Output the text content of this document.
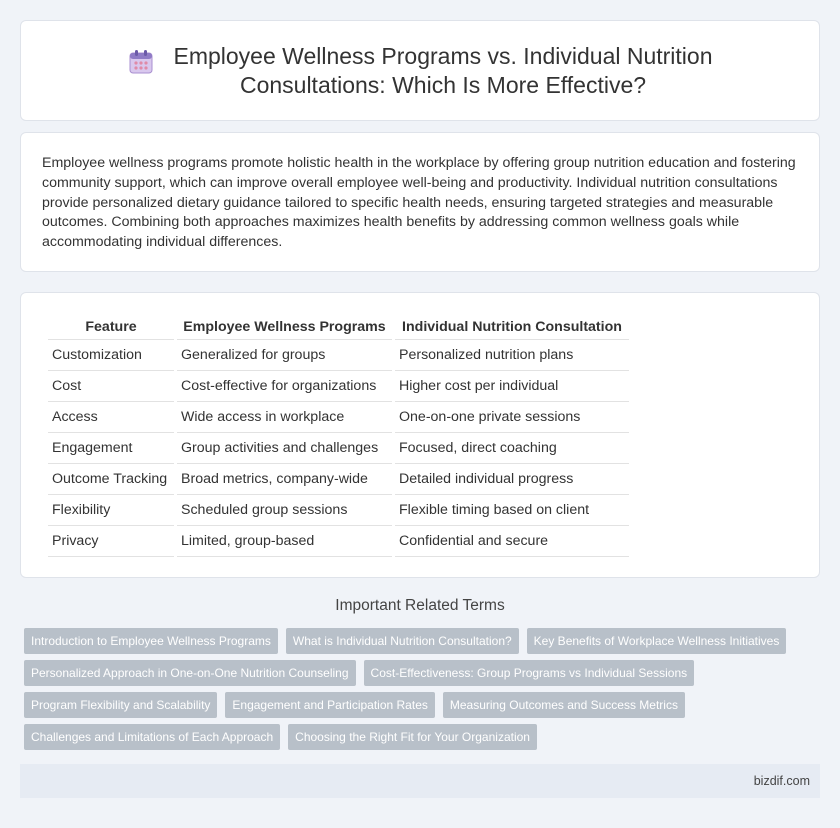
Employee Wellness Programs vs. Individual Nutrition
Consultations: Which Is More Effective?

Employee wellness programs promote holistic health in the workplace by offering group nutrition education and fostering community support, which can improve overall employee well-being and productivity. Individual nutrition consultations provide personalized dietary guidance tailored to specific health needs, ensuring targeted strategies and measurable outcomes. Combining both approaches maximizes health benefits by addressing common wellness goals while accommodating individual differences.

Feature	Employee Wellness Programs	Individual Nutrition Consultation
Customization	Generalized for groups	Personalized nutrition plans
Cost	Cost-effective for organizations	Higher cost per individual
Access	Wide access in workplace	One-on-one private sessions
Engagement	Group activities and challenges	Focused, direct coaching
Outcome Tracking	Broad metrics, company-wide	Detailed individual progress
Flexibility	Scheduled group sessions	Flexible timing based on client
Privacy	Limited, group-based	Confidential and secure
Important Related Terms
Introduction to Employee Wellness Programs	What is Individual Nutrition Consultation?	Key Benefits of Workplace Wellness Initiatives
Personalized Approach in One-on-One Nutrition Counseling	Cost-Effectiveness: Group Programs vs Individual Sessions
Program Flexibility and Scalability	Engagement and Participation Rates	Measuring Outcomes and Success Metrics
Challenges and Limitations of Each Approach	Choosing the Right Fit for Your Organization
bizdif.com
